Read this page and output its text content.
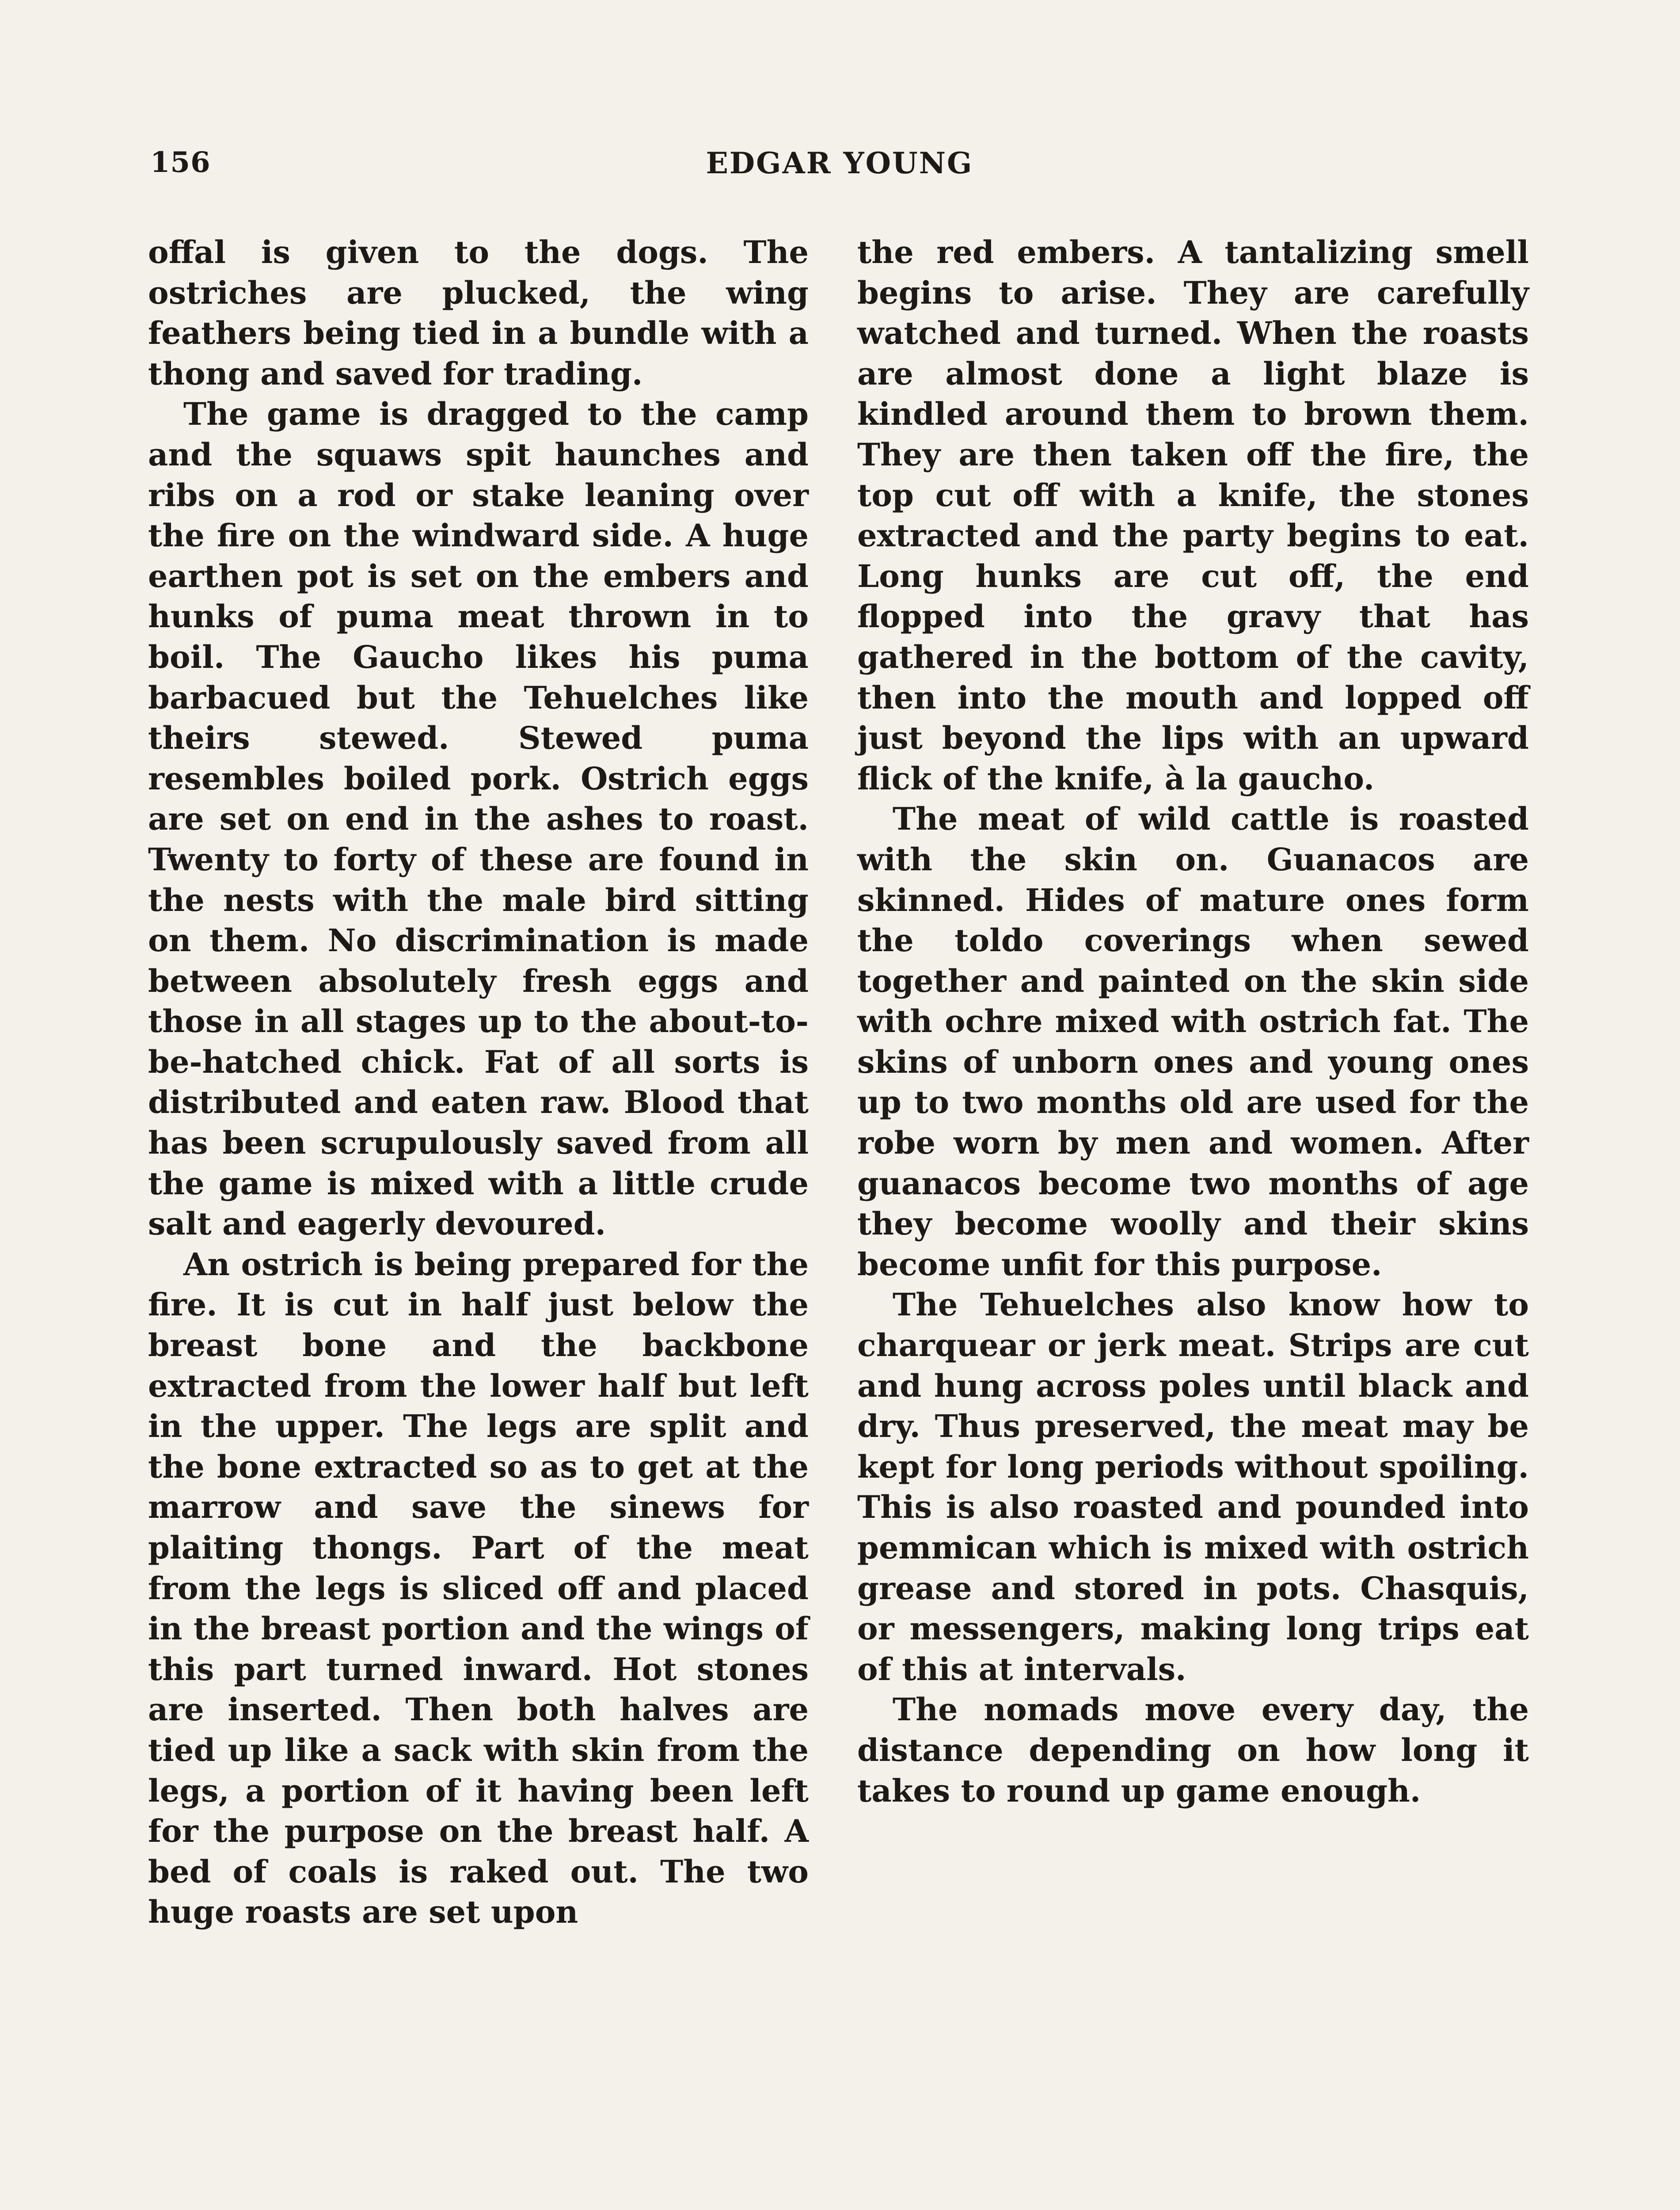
156	EDGAR YOUNG

offal is given to the dogs. The ostriches are plucked, the wing feathers being tied in a bundle with a thong and saved for trading.

The game is dragged to the camp and the squaws spit haunches and ribs on a rod or stake leaning over the fire on the windward side. A huge earthen pot is set on the embers and hunks of puma meat thrown in to boil. The Gaucho likes his puma barbacued but the Tehuelches like theirs stewed. Stewed puma resembles boiled pork. Ostrich eggs are set on end in the ashes to roast. Twenty to forty of these are found in the nests with the male bird sitting on them. No discrimination is made between absolutely fresh eggs and those in all stages up to the about-to-be-hatched chick. Fat of all sorts is distributed and eaten raw. Blood that has been scrupulously saved from all the game is mixed with a little crude salt and eagerly devoured.

An ostrich is being prepared for the fire. It is cut in half just below the breast bone and the backbone extracted from the lower half but left in the upper. The legs are split and the bone extracted so as to get at the marrow and save the sinews for plaiting thongs. Part of the meat from the legs is sliced off and placed in the breast portion and the wings of this part turned inward. Hot stones are inserted. Then both halves are tied up like a sack with skin from the legs, a portion of it having been left for the purpose on the breast half. A bed of coals is raked out. The two huge roasts are set upon

the red embers. A tantalizing smell begins to arise. They are carefully watched and turned. When the roasts are almost done a light blaze is kindled around them to brown them. They are then taken off the fire, the top cut off with a knife, the stones extracted and the party begins to eat. Long hunks are cut off, the end flopped into the gravy that has gathered in the bottom of the cavity, then into the mouth and lopped off just beyond the lips with an upward flick of the knife, à la gaucho.

The meat of wild cattle is roasted with the skin on. Guanacos are skinned. Hides of mature ones form the toldo coverings when sewed together and painted on the skin side with ochre mixed with ostrich fat. The skins of unborn ones and young ones up to two months old are used for the robe worn by men and women. After guanacos become two months of age they become woolly and their skins become unfit for this purpose.

The Tehuelches also know how to charquear or jerk meat. Strips are cut and hung across poles until black and dry. Thus preserved, the meat may be kept for long periods without spoiling. This is also roasted and pounded into pemmican which is mixed with ostrich grease and stored in pots. Chasquis, or messengers, making long trips eat of this at intervals.

The nomads move every day, the distance depending on how long it takes to round up game enough.
